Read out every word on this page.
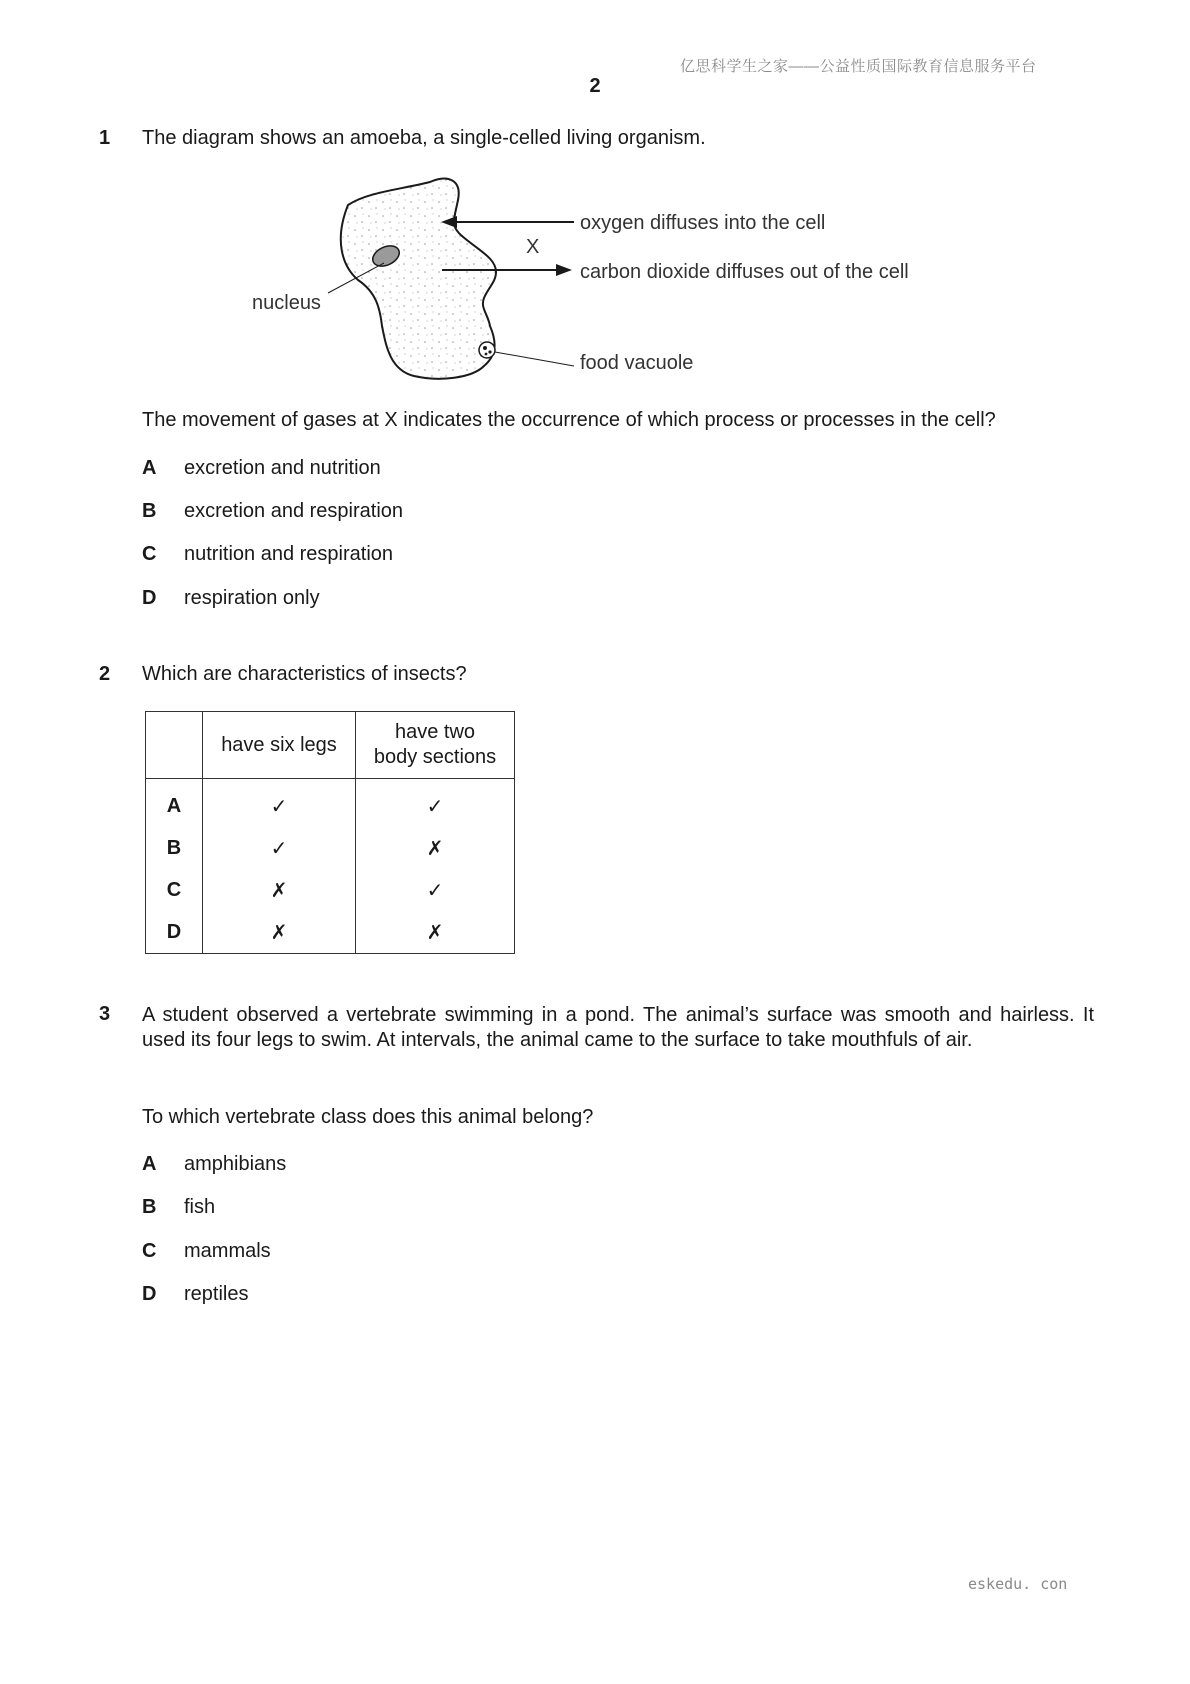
亿思科学生之家——公益性质国际教育信息服务平台
2
1 The diagram shows an amoeba, a single-celled living organism.
oxygen diffuses into the cell
X
carbon dioxide diffuses out of the cell
nucleus
food vacuole
The movement of gases at X indicates the occurrence of which process or processes in the cell?
A excretion and nutrition
B excretion and respiration
C nutrition and respiration
D respiration only
2 Which are characteristics of insects?
	have six legs	have two
body sections
A	✓	✓
B	✓	✗
C	✗	✓
D	✗	✗
3 A student observed a vertebrate swimming in a pond. The animal’s surface was smooth and hairless. It used its four legs to swim. At intervals, the animal came to the surface to take mouthfuls of air.
To which vertebrate class does this animal belong?
A amphibians
B fish
C mammals
D reptiles
eskedu. con
